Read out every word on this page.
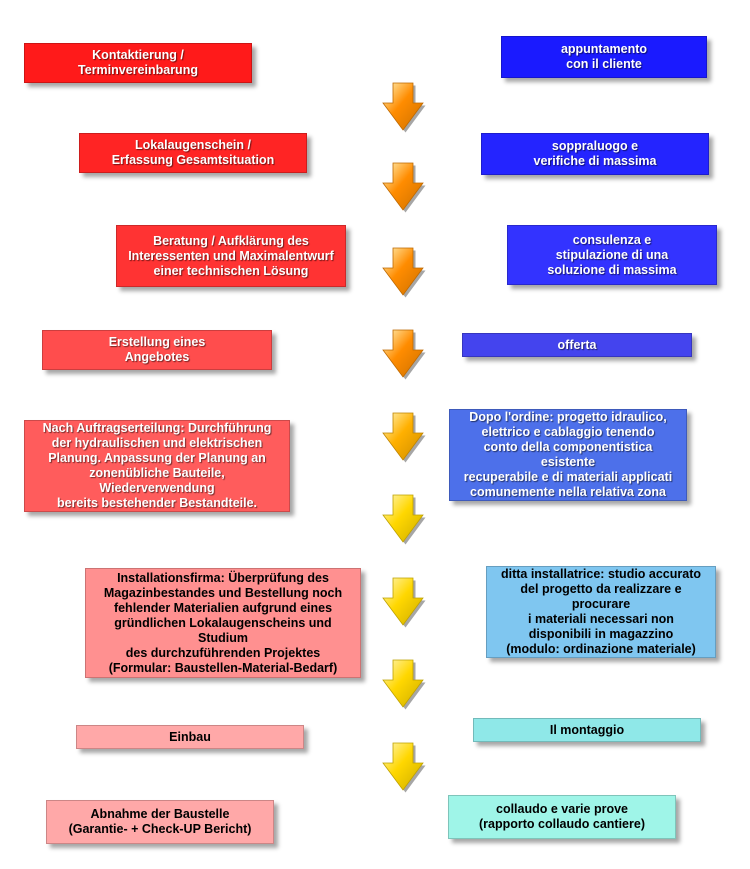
Kontaktierung /
Terminvereinbarung
Lokalaugenschein /
Erfassung Gesamtsituation
Beratung / Aufklärung des
Interessenten und Maximalentwurf
einer technischen Lösung
Erstellung eines
Angebotes
Nach Auftragserteilung: Durchführung
der hydraulischen und elektrischen
Planung. Anpassung der Planung an
zonenübliche Bauteile, Wiederverwendung
bereits bestehender Bestandteile.
Installationsfirma: Überprüfung des
Magazinbestandes und Bestellung noch
fehlender Materialien aufgrund eines
gründlichen Lokalaugenscheins und Studium
des durchzuführenden Projektes
(Formular: Baustellen-Material-Bedarf)
Einbau
Abnahme der Baustelle
(Garantie- + Check-UP Bericht)
appuntamento
con il cliente
soppraluogo e
verifiche di massima
consulenza e
stipulazione di una
soluzione di massima
offerta
Dopo l'ordine: progetto idraulico,
elettrico e cablaggio tenendo
conto della componentistica esistente
recuperabile e di materiali applicati
comunemente nella relativa zona
ditta installatrice: studio accurato
del progetto da realizzare e procurare
i materiali necessari non
disponibili in magazzino
(modulo: ordinazione materiale)
Il montaggio
collaudo e varie prove
(rapporto collaudo cantiere)
